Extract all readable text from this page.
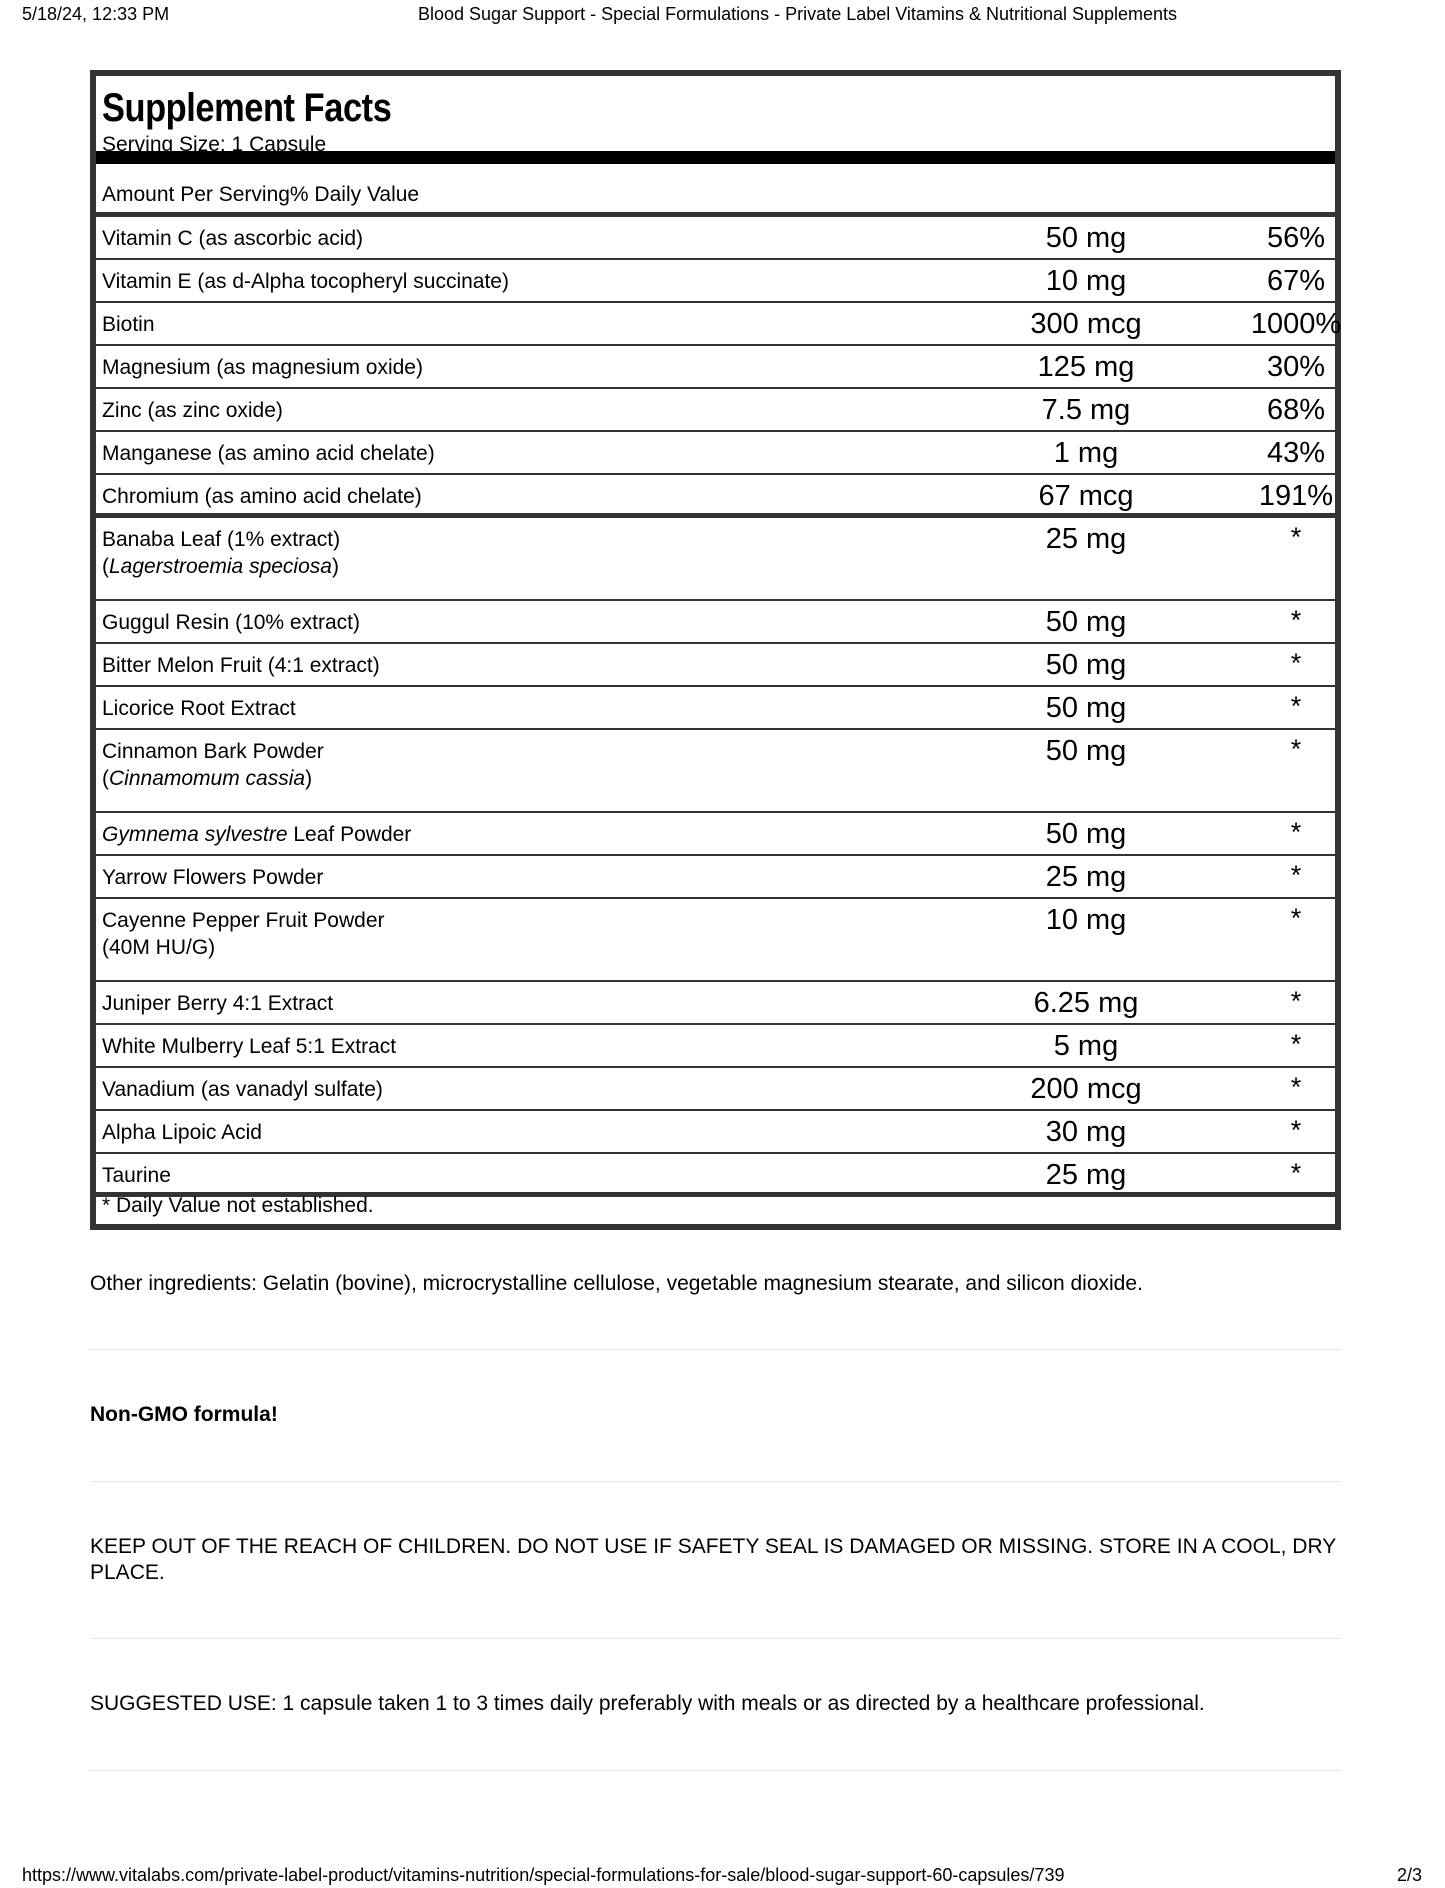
5/18/24, 12:33 PM	Blood Sugar Support - Special Formulations - Private Label Vitamins & Nutritional Supplements
Supplement Facts
Serving Size: 1 Capsule
Amount Per Serving% Daily Value
Vitamin C (as ascorbic acid)	50 mg	56%
Vitamin E (as d-Alpha tocopheryl succinate)	10 mg	67%
Biotin	300 mcg	1000%
Magnesium (as magnesium oxide)	125 mg	30%
Zinc (as zinc oxide)	7.5 mg	68%
Manganese (as amino acid chelate)	1 mg	43%
Chromium (as amino acid chelate)	67 mcg	191%
Banaba Leaf (1% extract)
(Lagerstroemia speciosa)
25 mg	*
Guggul Resin (10% extract)	50 mg	*
Bitter Melon Fruit (4:1 extract)	50 mg	*
Licorice Root Extract	50 mg	*
Cinnamon Bark Powder
(Cinnamomum cassia)
50 mg	*
Gymnema sylvestre Leaf Powder	50 mg	*
Yarrow Flowers Powder	25 mg	*
Cayenne Pepper Fruit Powder
(40M HU/G)
10 mg	*
Juniper Berry 4:1 Extract	6.25 mg	*
White Mulberry Leaf 5:1 Extract	5 mg	*
Vanadium (as vanadyl sulfate)	200 mcg	*
Alpha Lipoic Acid	30 mg	*
Taurine	25 mg	*
* Daily Value not established.
Other ingredients: Gelatin (bovine), microcrystalline cellulose, vegetable magnesium stearate, and silicon dioxide.
Non-GMO formula!
KEEP OUT OF THE REACH OF CHILDREN. DO NOT USE IF SAFETY SEAL IS DAMAGED OR MISSING. STORE IN A COOL, DRY PLACE.
SUGGESTED USE: 1 capsule taken 1 to 3 times daily preferably with meals or as directed by a healthcare professional.
https://www.vitalabs.com/private-label-product/vitamins-nutrition/special-formulations-for-sale/blood-sugar-support-60-capsules/739	2/3
